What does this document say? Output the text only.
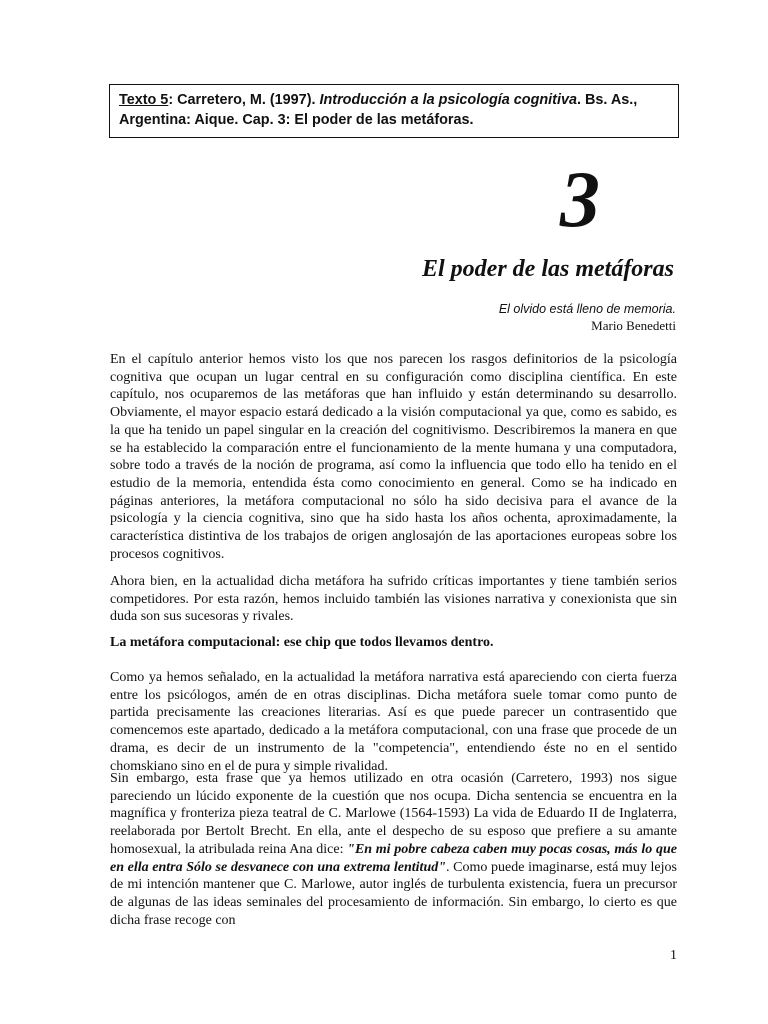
Texto 5: Carretero, M. (1997). Introducción a la psicología cognitiva. Bs. As., Argentina: Aique. Cap. 3: El poder de las metáforas.
3
El poder de las metáforas
El olvido está lleno de memoria.
Mario Benedetti

En el capítulo anterior hemos visto los que nos parecen los rasgos definitorios de la psicología cognitiva que ocupan un lugar central en su configuración como disciplina científica. En este capítulo, nos ocuparemos de las metáforas que han influido y están determinando su desarrollo. Obviamente, el mayor espacio estará dedicado a la visión computacional ya que, como es sabido, es la que ha tenido un papel singular en la creación del cognitivismo. Describiremos la manera en que se ha establecido la comparación entre el funcionamiento de la mente humana y una computadora, sobre todo a través de la noción de programa, así como la influencia que todo ello ha tenido en el estudio de la memoria, entendida ésta como conocimiento en general. Como se ha indicado en páginas anteriores, la metáfora computacional no sólo ha sido decisiva para el avance de la psicología y la ciencia cognitiva, sino que ha sido hasta los años ochenta, aproximadamente, la característica distintiva de los trabajos de origen anglosajón de las aportaciones europeas sobre los procesos cognitivos.

Ahora bien, en la actualidad dicha metáfora ha sufrido críticas importantes y tiene también serios competidores. Por esta razón, hemos incluido también las visiones narrativa y conexionista que sin duda son sus sucesoras y rivales.

La metáfora computacional: ese chip que todos llevamos dentro.

Como ya hemos señalado, en la actualidad la metáfora narrativa está apareciendo con cierta fuerza entre los psicólogos, amén de en otras disciplinas. Dicha metáfora suele tomar como punto de partida precisamente las creaciones literarias. Así es que puede parecer un contrasentido que comencemos este apartado, dedicado a la metáfora computacional, con una frase que procede de un drama, es decir de un instrumento de la "competencia", entendiendo éste no en el sentido chomskiano sino en el de pura y simple rivalidad.

Sin embargo, esta frase que ya hemos utilizado en otra ocasión (Carretero, 1993) nos sigue pareciendo un lúcido exponente de la cuestión que nos ocupa. Dicha sentencia se encuentra en la magnífica y fronteriza pieza teatral de C. Marlowe (1564-1593) La vida de Eduardo II de Inglaterra, reelaborada por Bertolt Brecht. En ella, ante el despecho de su esposo que prefiere a su amante homosexual, la atribulada reina Ana dice: "En mi pobre cabeza caben muy pocas cosas, más lo que en ella entra Sólo se desvanece con una extrema lentitud". Como puede imaginarse, está muy lejos de mi intención mantener que C. Marlowe, autor inglés de turbulenta existencia, fuera un precursor de algunas de las ideas seminales del procesamiento de información. Sin embargo, lo cierto es que dicha frase recoge con

1
